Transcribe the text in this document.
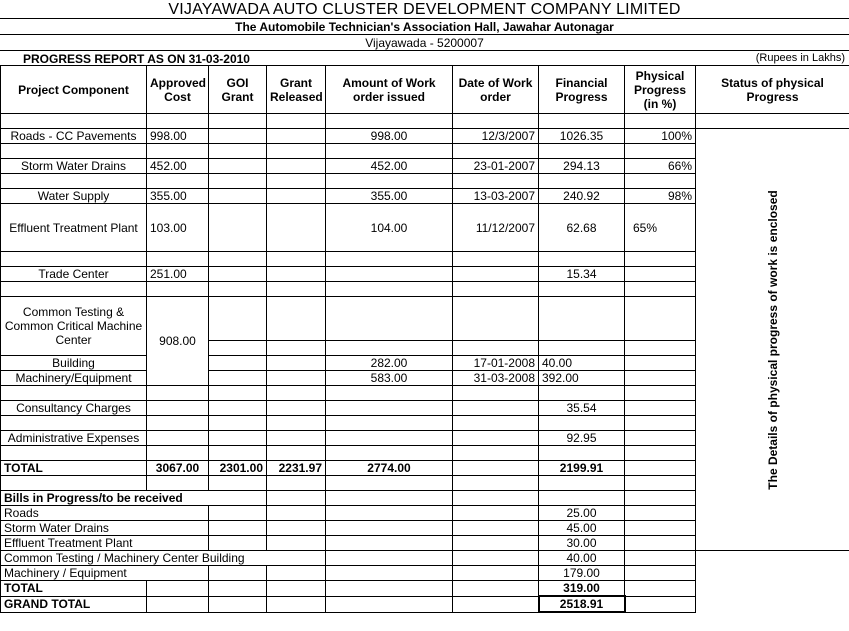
VIJAYAWADA AUTO CLUSTER DEVELOPMENT COMPANY LIMITED
The Automobile Technician's Association Hall, Jawahar Autonagar
Vijayawada - 5200007
PROGRESS REPORT AS ON 31-03-2010	(Rupees in Lakhs)
Project Component	Approved Cost	GOI Grant	Grant Released	Amount of Work order issued	Date of Work order	Financial Progress	Physical Progress (in %)	Status of physical Progress

Roads - CC Pavements	998.00			998.00	12/3/2007	1026.35	100%	The Details of physical progress of work is enclosed

Storm Water Drains	452.00			452.00	23-01-2007	294.13	66%	

Water Supply	355.00			355.00	13-03-2007	240.92	98%	
Effluent Treatment Plant	103.00			104.00	11/12/2007	62.68	65%	

Trade Center	251.00					15.34		

Common Testing & Common Critical Machine Center	908.00							

Building				282.00	17-01-2008	40.00		
Machinery/Equipment				583.00	31-03-2008	392.00		

Consultancy Charges						35.54		

Administrative Expenses						92.95		

TOTAL	3067.00	2301.00	2231.97	2774.00		2199.91		

Bills in Progress/to be received								
Roads						25.00		
Storm Water Drains						45.00		
Effluent Treatment Plant						30.00		
Common Testing / Machinery Center Building						40.00		
Machinery / Equipment						179.00		
TOTAL						319.00		
GRAND TOTAL						2518.91		
